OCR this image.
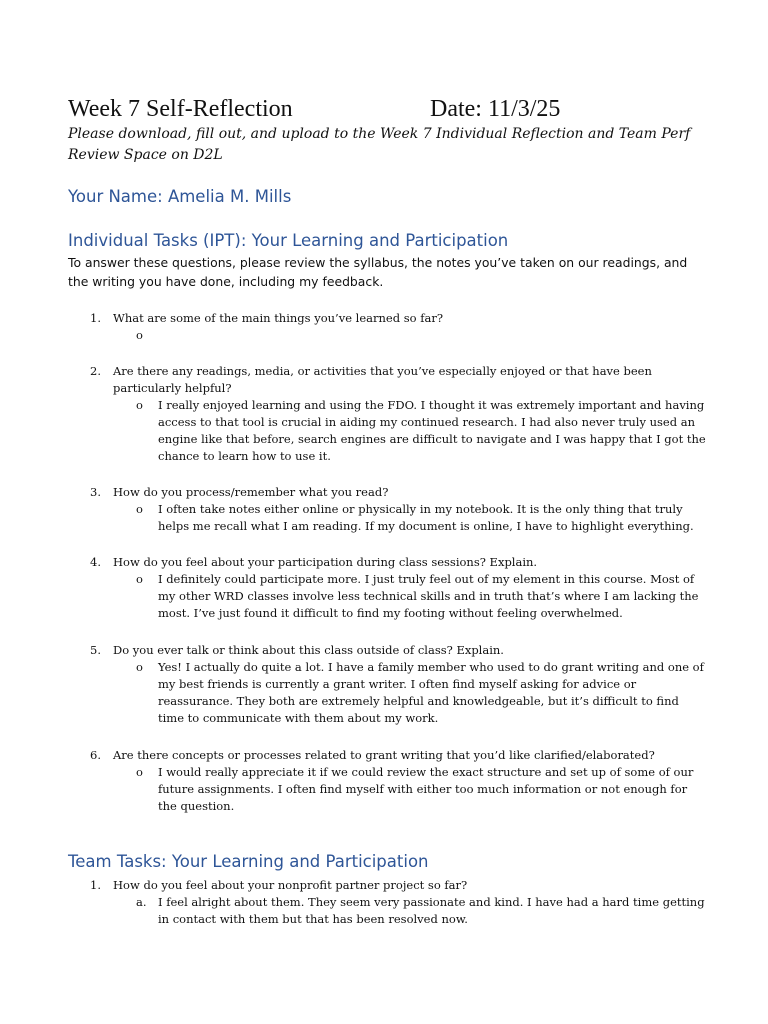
Week 7 Self-Reflection	Date: 11/3/25
Please download, fill out, and upload to the Week 7 Individual Reflection and Team Perf Review Space on D2L
Your Name: Amelia M. Mills
Individual Tasks (IPT): Your Learning and Participation
To answer these questions, please review the syllabus, the notes you’ve taken on our readings, and the writing you have done, including my feedback.
1. What are some of the main things you’ve learned so far?
o
2. Are there any readings, media, or activities that you’ve especially enjoyed or that have been particularly helpful?
o I really enjoyed learning and using the FDO. I thought it was extremely important and having access to that tool is crucial in aiding my continued research. I had also never truly used an engine like that before, search engines are difficult to navigate and I was happy that I got the chance to learn how to use it.
3. How do you process/remember what you read?
o I often take notes either online or physically in my notebook. It is the only thing that truly helps me recall what I am reading. If my document is online, I have to highlight everything.
4. How do you feel about your participation during class sessions? Explain.
o I definitely could participate more. I just truly feel out of my element in this course. Most of my other WRD classes involve less technical skills and in truth that’s where I am lacking the most. I’ve just found it difficult to find my footing without feeling overwhelmed.
5. Do you ever talk or think about this class outside of class? Explain.
o Yes! I actually do quite a lot. I have a family member who used to do grant writing and one of my best friends is currently a grant writer. I often find myself asking for advice or reassurance. They both are extremely helpful and knowledgeable, but it’s difficult to find time to communicate with them about my work.
6. Are there concepts or processes related to grant writing that you’d like clarified/elaborated?
o I would really appreciate it if we could review the exact structure and set up of some of our future assignments. I often find myself with either too much information or not enough for the question.
Team Tasks: Your Learning and Participation
1. How do you feel about your nonprofit partner project so far?
a. I feel alright about them. They seem very passionate and kind. I have had a hard time getting in contact with them but that has been resolved now.
